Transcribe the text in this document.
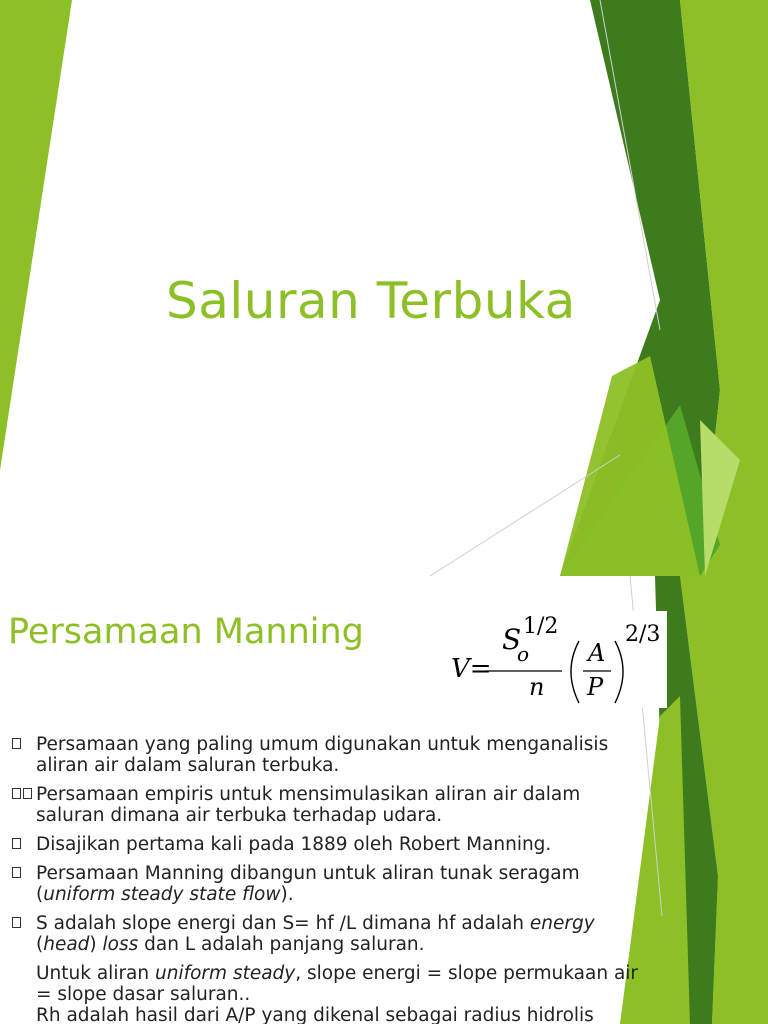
Saluran Terbuka
Persamaan Manning
V=
S
o
1/2
n
A
P
2/3
Persamaan yang paling umum digunakan untuk menganalisis
aliran air dalam saluran terbuka.
Persamaan empiris untuk mensimulasikan aliran air dalam
saluran dimana air terbuka terhadap udara.
Disajikan pertama kali pada 1889 oleh Robert Manning.
Persamaan Manning dibangun untuk aliran tunak seragam
(uniform steady state flow).
S adalah slope energi dan S= hf /L dimana hf adalah energy
(head) loss dan L adalah panjang saluran.
Untuk aliran uniform steady, slope energi = slope permukaan air
= slope dasar saluran..
Rh adalah hasil dari A/P yang dikenal sebagai radius hidrolis
